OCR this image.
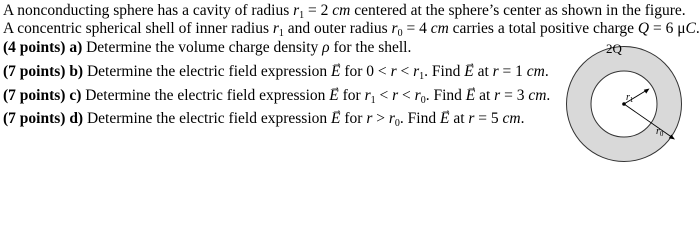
A nonconducting sphere has a cavity of radius $r_1 = 2$ cm centered at the sphere’s center as shown in the figure.
A concentric spherical shell of inner radius $r_1$ and outer radius $r_0 = 4$ cm carries a total positive charge Q = 6 μC.
(4 points) a) Determine the volume charge density ρ for the shell.
(7 points) b) Determine the electric field expression → E for $0 < r < r_1$. Find → E at r = 1 cm.
(7 points) c) Determine the electric field expression → E for $r_1 < r < r_0$. Find → E at r = 3 cm.
(7 points) d) Determine the electric field expression → E for $r > r_0$. Find → E at r = 5 cm.
2Q
$r_1$
$r_0$
